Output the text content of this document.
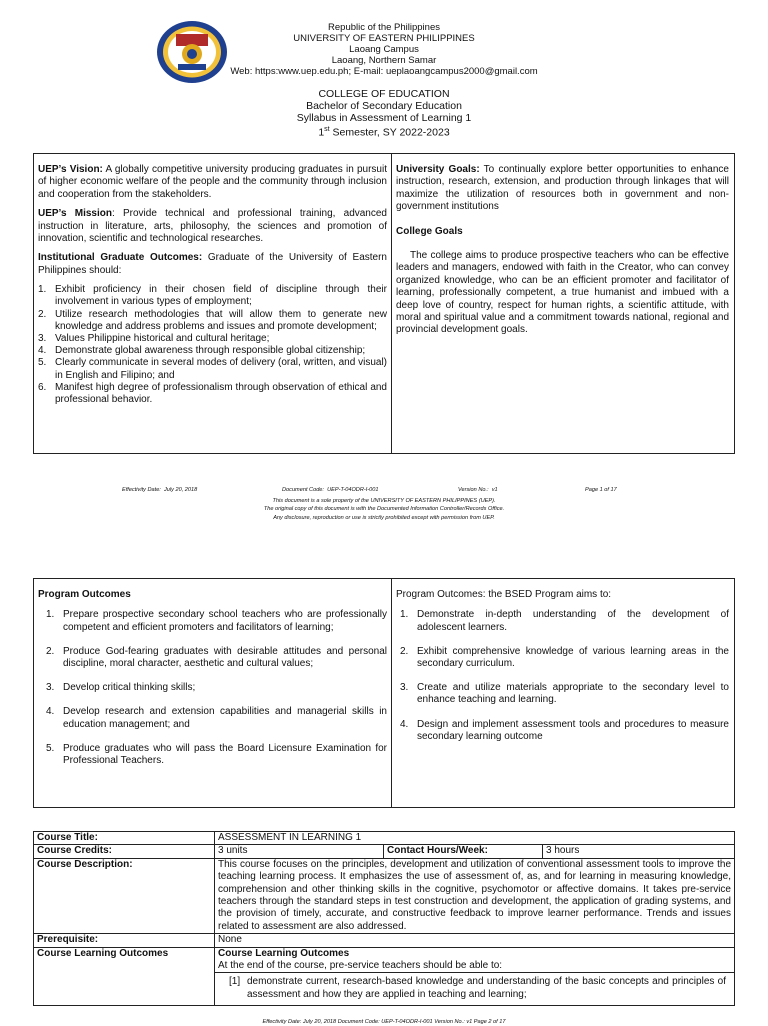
Republic of the Philippines
UNIVERSITY OF EASTERN PHILIPPINES
Laoang Campus
Laoang, Northern Samar
Web: https:www.uep.edu.ph; E-mail: ueplaoangcampus2000@gmail.com
COLLEGE OF EDUCATION
Bachelor of Secondary Education
Syllabus in Assessment of Learning 1
1st Semester, SY 2022-2023

UEP’s Vision: A globally competitive university producing graduates in pursuit of higher economic welfare of the people and the community through inclusion and cooperation from the stakeholders.

UEP’s Mission: Provide technical and professional training, advanced instruction in literature, arts, philosophy, the sciences and promotion of innovation, scientific and technological researches.

Institutional Graduate Outcomes: Graduate of the University of Eastern Philippines should:

1. Exhibit proficiency in their chosen field of discipline through their involvement in various types of employment;
2. Utilize research methodologies that will allow them to generate new knowledge and address problems and issues and promote development;
3. Values Philippine historical and cultural heritage;
4. Demonstrate global awareness through responsible global citizenship;
5. Clearly communicate in several modes of delivery (oral, written, and visual) in English and Filipino; and
6. Manifest high degree of professionalism through observation of ethical and professional behavior.

University Goals: To continually explore better opportunities to enhance instruction, research, extension, and production through linkages that will maximize the utilization of resources both in government and non-government institutions

College Goals

The college aims to produce prospective teachers who can be effective leaders and managers, endowed with faith in the Creator, who can convey organized knowledge, who can be an efficient promoter and facilitator of learning, professionally competent, a true humanist and imbued with a deep love of country, respect for human rights, a scientific attitude, with moral and spiritual value and a commitment towards national, regional and provincial development goals.

Effectivity Date: July 20, 2018	Document Code: UEP-T-04ODR-I-001	Version No.: v1	Page 1 of 17
This document is a sole property of the UNIVERSITY OF EASTERN PHILIPPINES (UEP).
The original copy of this document is with the Documented Information Controller/Records Office.
Any disclosure, reproduction or use is strictly prohibited except with permission from UEP.

Program Outcomes

1. Prepare prospective secondary school teachers who are professionally competent and efficient promoters and facilitators of learning;
2. Produce God-fearing graduates with desirable attitudes and personal discipline, moral character, aesthetic and cultural values;
3. Develop critical thinking skills;
4. Develop research and extension capabilities and managerial skills in education management; and
5. Produce graduates who will pass the Board Licensure Examination for Professional Teachers.

Program Outcomes: the BSED Program aims to:

1. Demonstrate in-depth understanding of the development of adolescent learners.
2. Exhibit comprehensive knowledge of various learning areas in the secondary curriculum.
3. Create and utilize materials appropriate to the secondary level to enhance teaching and learning.
4. Design and implement assessment tools and procedures to measure secondary learning outcome
Course Title:	ASSESSMENT IN LEARNING 1		
Course Credits:	3 units	Contact Hours/Week:	3 hours
Course Description:	This course focuses on the principles, development and utilization of conventional assessment tools to improve the teaching learning process. It emphasizes the use of assessment of, as, and for learning in measuring knowledge, comprehension and other thinking skills in the cognitive, psychomotor or affective domains. It takes pre-service teachers through the standard steps in test construction and development, the application of grading systems, and the provision of timely, accurate, and constructive feedback to improve learner performance. Trends and issues related to assessment are also addressed.		
Prerequisite:	None		
Course Learning Outcomes	Course Learning Outcomes
At the end of the course, pre-service teachers should be able to:		

	[1] demonstrate current, research-based knowledge and understanding of the basic concepts and principles of assessment and how they are applied in teaching and learning;		
Effectivity Date: July 20, 2018 Document Code: UEP-T-04ODR-I-001 Version No.: v1 Page 2 of 17
